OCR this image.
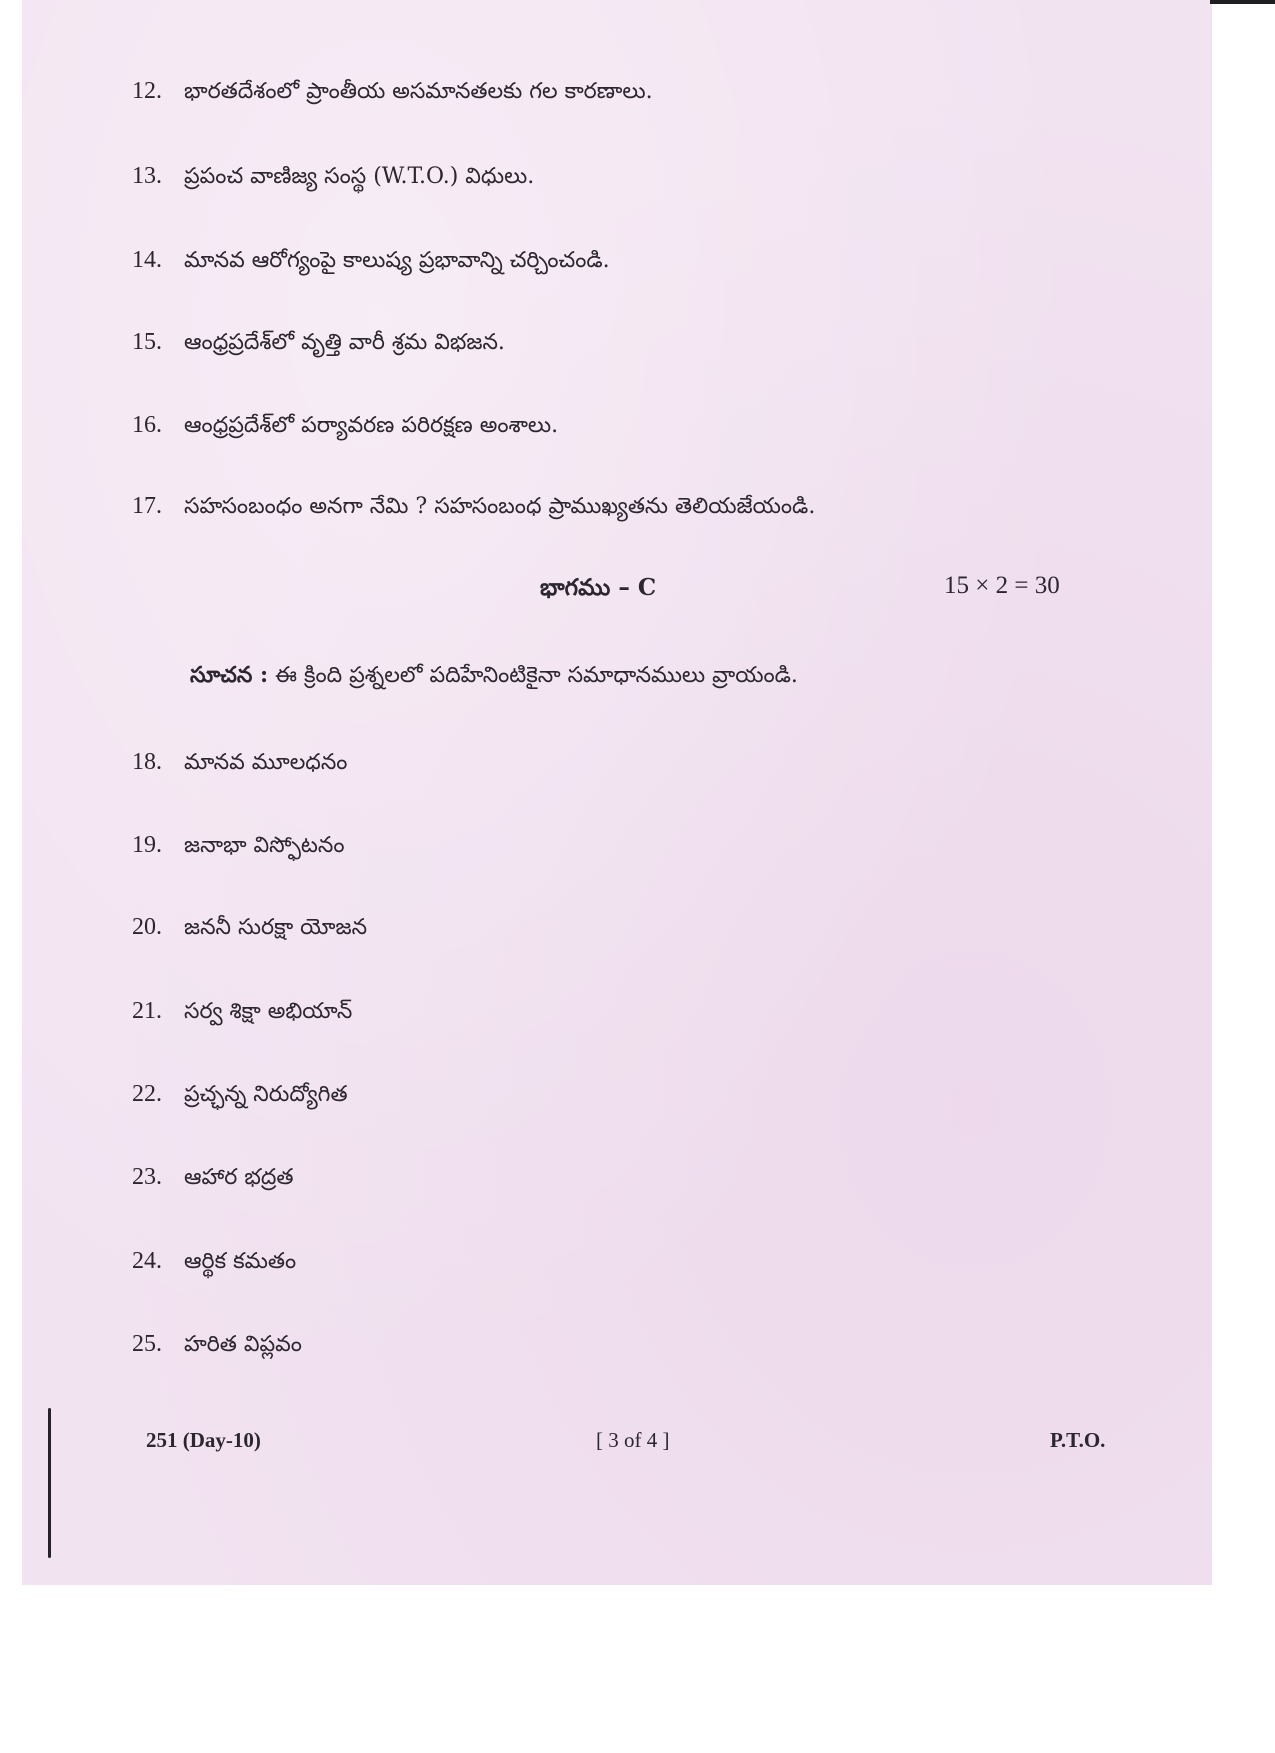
12.	భారతదేశంలో ప్రాంతీయ అసమానతలకు గల కారణాలు.
13.	ప్రపంచ వాణిజ్య సంస్థ (W.T.O.) విధులు.
14.	మానవ ఆరోగ్యంపై కాలుష్య ప్రభావాన్ని చర్చించండి.
15.	ఆంధ్రప్రదేశ్‌లో వృత్తి వారీ శ్రమ విభజన.
16.	ఆంధ్రప్రదేశ్‌లో పర్యావరణ పరిరక్షణ అంశాలు.
17.	సహసంబంధం అనగా నేమి ? సహసంబంధ ప్రాముఖ్యతను తెలియజేయండి.
భాగము – C	15 × 2 = 30
సూచన : ఈ క్రింది ప్రశ్నలలో పదిహేనింటికైనా సమాధానములు వ్రాయండి.
18.	మానవ మూలధనం
19.	జనాభా విస్ఫోటనం
20.	జననీ సురక్షా యోజన
21.	సర్వ శిక్షా అభియాన్
22.	ప్రచ్ఛన్న నిరుద్యోగిత
23.	ఆహార భద్రత
24.	ఆర్థిక కమతం
25.	హరిత విప్లవం
251 (Day-10)	[ 3 of 4 ]	P.T.O.
